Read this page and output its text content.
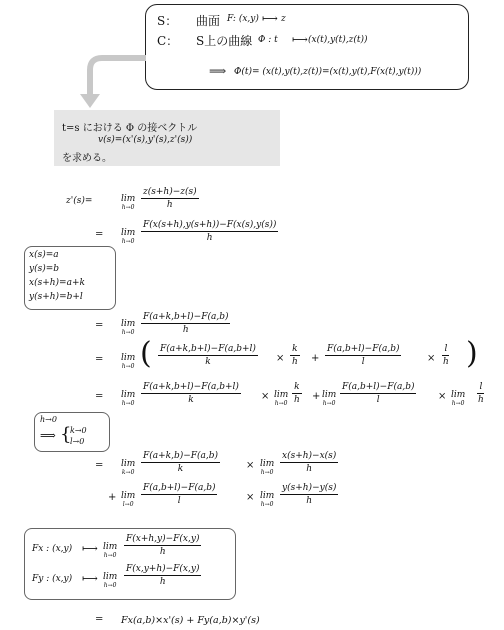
S： 曲面 F: (x,y) ⟼ z
C： S上の曲線 Φ : t ⟼ (x(t),y(t),z(t))
⟹ Φ(t)= (x(t),y(t),z(t))=(x(t),y(t),F(x(t),y(t)))
t=s における Φ の接ベクトル
v(s)=(x'(s),y'(s),z'(s))
を求める。
z'(s)=	lim
$h\to 0 \frac{z(s+h)-z(s)}{h}$
= lim
$h\to 0 \frac{F(x(s+h),y(s+h))-F(x(s),y(s))}{h}$
x(s)=a
y(s)=b
x(s+h)=a+k
y(s+h)=b+l
= lim
$h\to 0 \frac{F(a+k,b+l)-F(a,b)}{h}$
= lim
h→0 ( $\frac{F(a+k,b+l)-F(a,b+l)}{k} \times \frac{k}{h} + \frac{F(a,b+l)-F(a,b)}{l}$	× $\frac{l}{h}$ )
= lim
$h\to 0 \frac{F(a+k,b+l)-F(a,b+l)}{k} \times \lim$
$h\to 0 \frac{k}{h} + \lim$
$h\to 0 \frac{F(a,b+l)-F(a,b)}{l} \times \lim$
$h\to 0 \frac{l}{h}$
h→0
⟹ {
k→0
l→0
= lim
$k\to 0 \frac{F(a+k,b)-F(a,b)}{k}$	× lim
$h\to 0 \frac{x(s+h)-x(s)}{h}$
+ lim
$l\to 0 \frac{F(a,b+l)-F(a,b)}{l}$	× lim
$h\to 0 \frac{y(s+h)-y(s)}{h}$
Fx : (x,y) ⟼ lim
$h\to 0 \frac{F(x+h,y)-F(x,y)}{h}$
Fy : (x,y) ⟼ lim
$h\to 0 \frac{F(x,y+h)-F(x,y)}{h}$
= Fx(a,b)×x'(s) + Fy(a,b)×y'(s)
